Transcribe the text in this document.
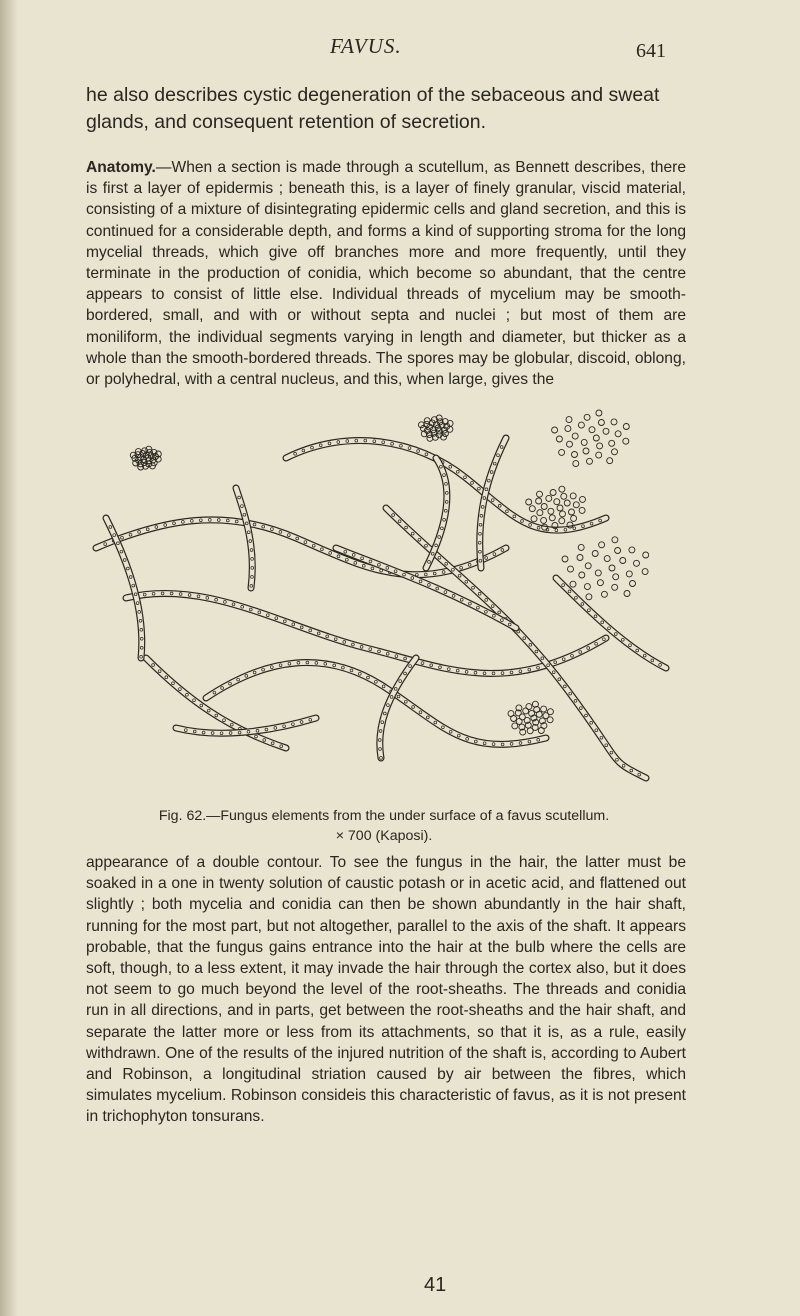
FAVUS.	641

he also describes cystic degeneration of the sebaceous and sweat glands, and consequent retention of secretion.

Anatomy.—When a section is made through a scutellum, as Bennett describes, there is first a layer of epidermis ; beneath this, is a layer of finely granular, viscid material, consisting of a mixture of disintegrating epidermic cells and gland secretion, and this is continued for a considerable depth, and forms a kind of supporting stroma for the long mycelial threads, which give off branches more and more frequently, until they terminate in the production of conidia, which become so abundant, that the centre appears to consist of little else. Individual threads of mycelium may be smooth-bordered, small, and with or without septa and nuclei ; but most of them are moniliform, the individual segments varying in length and diameter, but thicker as a whole than the smooth-bordered threads. The spores may be globular, discoid, oblong, or polyhedral, with a central nucleus, and this, when large, gives the

Fig. 62.—Fungus elements from the under surface of a favus scutellum.
× 700 (Kaposi).

appearance of a double contour. To see the fungus in the hair, the latter must be soaked in a one in twenty solution of caustic potash or in acetic acid, and flattened out slightly ; both mycelia and conidia can then be shown abundantly in the hair shaft, running for the most part, but not altogether, parallel to the axis of the shaft. It appears probable, that the fungus gains entrance into the hair at the bulb where the cells are soft, though, to a less extent, it may invade the hair through the cortex also, but it does not seem to go much beyond the level of the root-sheaths. The threads and conidia run in all directions, and in parts, get between the root-sheaths and the hair shaft, and separate the latter more or less from its attachments, so that it is, as a rule, easily withdrawn. One of the results of the injured nutrition of the shaft is, according to Aubert and Robinson, a longitudinal striation caused by air between the fibres, which simulates mycelium. Robinson consideis this characteristic of favus, as it is not present in trichophyton tonsurans.

41
